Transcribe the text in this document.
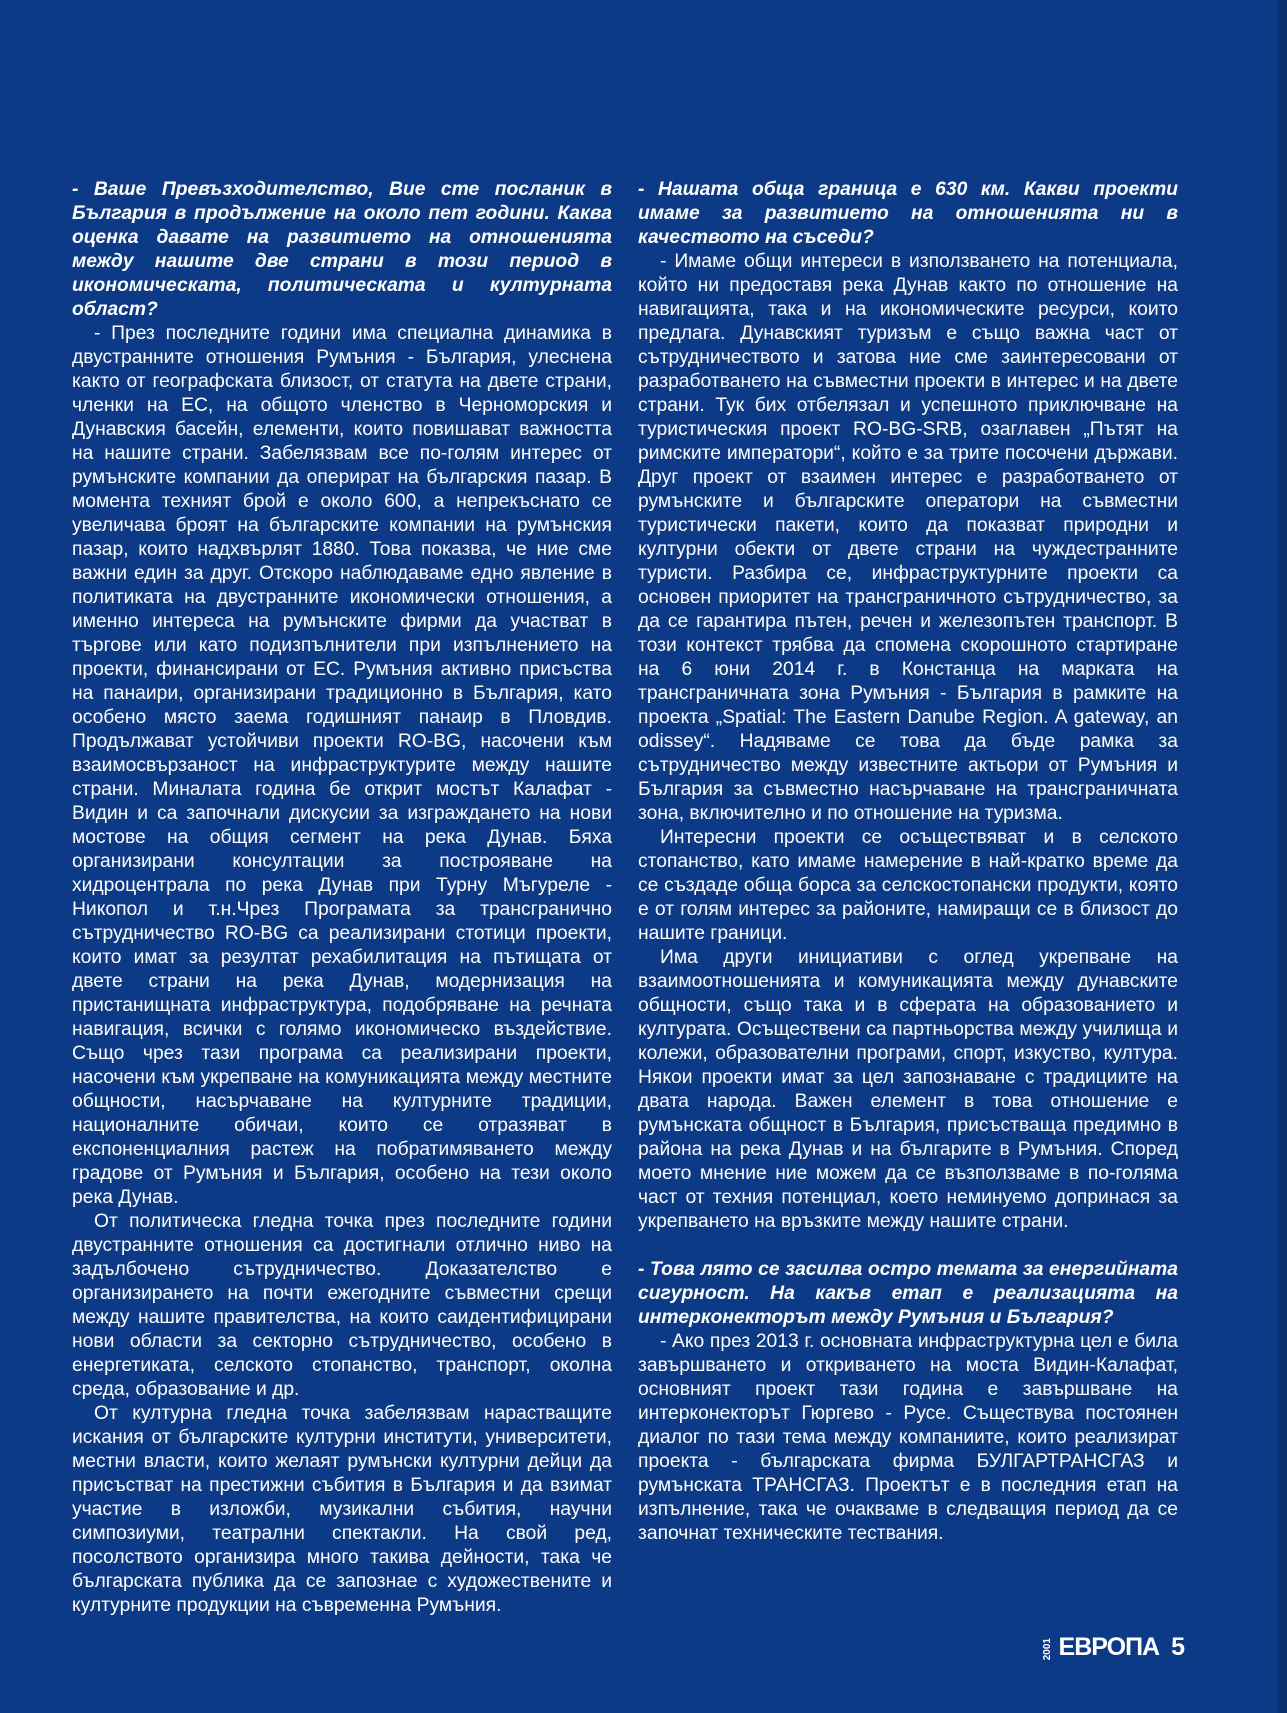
- Ваше Превъзходителство, Вие сте посланик в България в продължение на около пет години. Каква оценка давате на развитието на отношенията между нашите две страни в този период в икономическата, политическата и културната област?

- През последните години има специална динамика в двустранните отношения Румъния - България, улеснена както от географската близост, от статута на двете страни, членки на ЕС, на общото членство в Черноморския и Дунавския басейн, елементи, които повишават важността на нашите страни. Забелязвам все по-голям интерес от румънските компании да оперират на българския пазар. В момента техният брой е около 600, а непрекъснато се увеличава броят на българските компании на румънския пазар, които надхвърлят 1880. Това показва, че ние сме важни един за друг. Отскоро наблюдаваме едно явление в политиката на двустранните икономически отношения, а именно интереса на румънските фирми да участват в търгове или като подизпълнители при изпълнението на проекти, финансирани от ЕС. Румъния активно присъства на панаири, организирани традиционно в България, като особено място заема годишният панаир в Пловдив. Продължават устойчиви проекти RO-BG, насочени към взаимосвързаност на инфраструктурите между нашите страни. Миналата година бе открит мостът Калафат - Видин и са започнали дискусии за изграждането на нови мостове на общия сегмент на река Дунав. Бяха организирани консултации за построяване на хидроцентрала по река Дунав при Турну Мъгуреле - Никопол и т.н.Чрез Програмата за трансгранично сътрудничество RO-BG са реализирани стотици проекти, които имат за резултат рехабилитация на пътищата от двете страни на река Дунав, модернизация на пристанищната инфраструктура, подобряване на речната навигация, всички с голямо икономическо въздействие. Също чрез тази програма са реализирани проекти, насочени към укрепване на комуникацията между местните общности, насърчаване на културните традиции, националните обичаи, които се отразяват в експоненциалния растеж на побратимяването между градове от Румъния и България, особено на тези около река Дунав.

От политическа гледна точка през последните години двустранните отношения са достигнали отлично ниво на задълбочено сътрудничество. Доказателство е организирането на почти ежегодните съвместни срещи между нашите правителства, на които саидентифицирани нови области за секторно сътрудничество, особено в енергетиката, селското стопанство, транспорт, околна среда, образование и др.

От културна гледна точка забелязвам нарастващите искания от българските културни институти, университети, местни власти, които желаят румънски културни дейци да присъстват на престижни събития в България и да взимат участие в изложби, музикални събития, научни симпозиуми, театрални спектакли. На свой ред, посолството организира много такива дейности, така че българската публика да се запознае с художествените и културните продукции на съвременна Румъния.

- Нашата обща граница е 630 км. Какви проекти имаме за развитието на отношенията ни в качеството на съседи?

- Имаме общи интереси в използването на потенциала, който ни предоставя река Дунав както по отношение на навигацията, така и на икономическите ресурси, които предлага. Дунавският туризъм е също важна част от сътрудничеството и затова ние сме заинтересовани от разработването на съвместни проекти в интерес и на двете страни. Тук бих отбелязал и успешното приключване на туристическия проект RO-BG-SRB, озаглавен „Пътят на римските императори“, който е за трите посочени държави. Друг проект от взаимен интерес е разработването от румънските и българските оператори на съвместни туристически пакети, които да показват природни и културни обекти от двете страни на чуждестранните туристи. Разбира се, инфраструктурните проекти са основен приоритет на трансграничното сътрудничество, за да се гарантира пътен, речен и железопътен транспорт. В този контекст трябва да спомена скорошното стартиране на 6 юни 2014 г. в Констанца на марката на трансграничната зона Румъния - България в рамките на проекта „Spatial: The Eastern Danube Region. A gateway, an odissey“. Надяваме се това да бъде рамка за сътрудничество между известните актьори от Румъния и България за съвместно насърчаване на трансграничната зона, включително и по отношение на туризма.

Интересни проекти се осъществяват и в селското стопанство, като имаме намерение в най-кратко време да се създаде обща борса за селскостопански продукти, която е от голям интерес за районите, намиращи се в близост до нашите граници.

Има други инициативи с оглед укрепване на взаимоотношенията и комуникацията между дунавските общности, също така и в сферата на образованието и културата. Осъществени са партньорства между училища и колежи, образователни програми, спорт, изкуство, култура. Някои проекти имат за цел запознаване с традициите на двата народа. Важен елемент в това отношение е румънската общност в България, присъстваща предимно в района на река Дунав и на българите в Румъния. Според моето мнение ние можем да се възползваме в по-голяма част от техния потенциал, което неминуемо допринася за укрепването на връзките между нашите страни.

- Това лято се засилва остро темата за енергийната сигурност. На какъв етап е реализацията на интерконекторът между Румъния и България?

- Ако през 2013 г. основната инфраструктурна цел е била завършването и откриването на моста Видин-Калафат, основният проект тази година е завършване на интерконекторът Гюргево - Русе. Съществува постоянен диалог по тази тема между компаниите, които реализират проекта - българската фирма БУЛГАРТРАНСГАЗ и румънската ТРАНСГАЗ. Проектът е в последния етап на изпълнение, така че очакваме в следващия период да се започнат техническите тествания.

2001 ЕВРОПА 5
